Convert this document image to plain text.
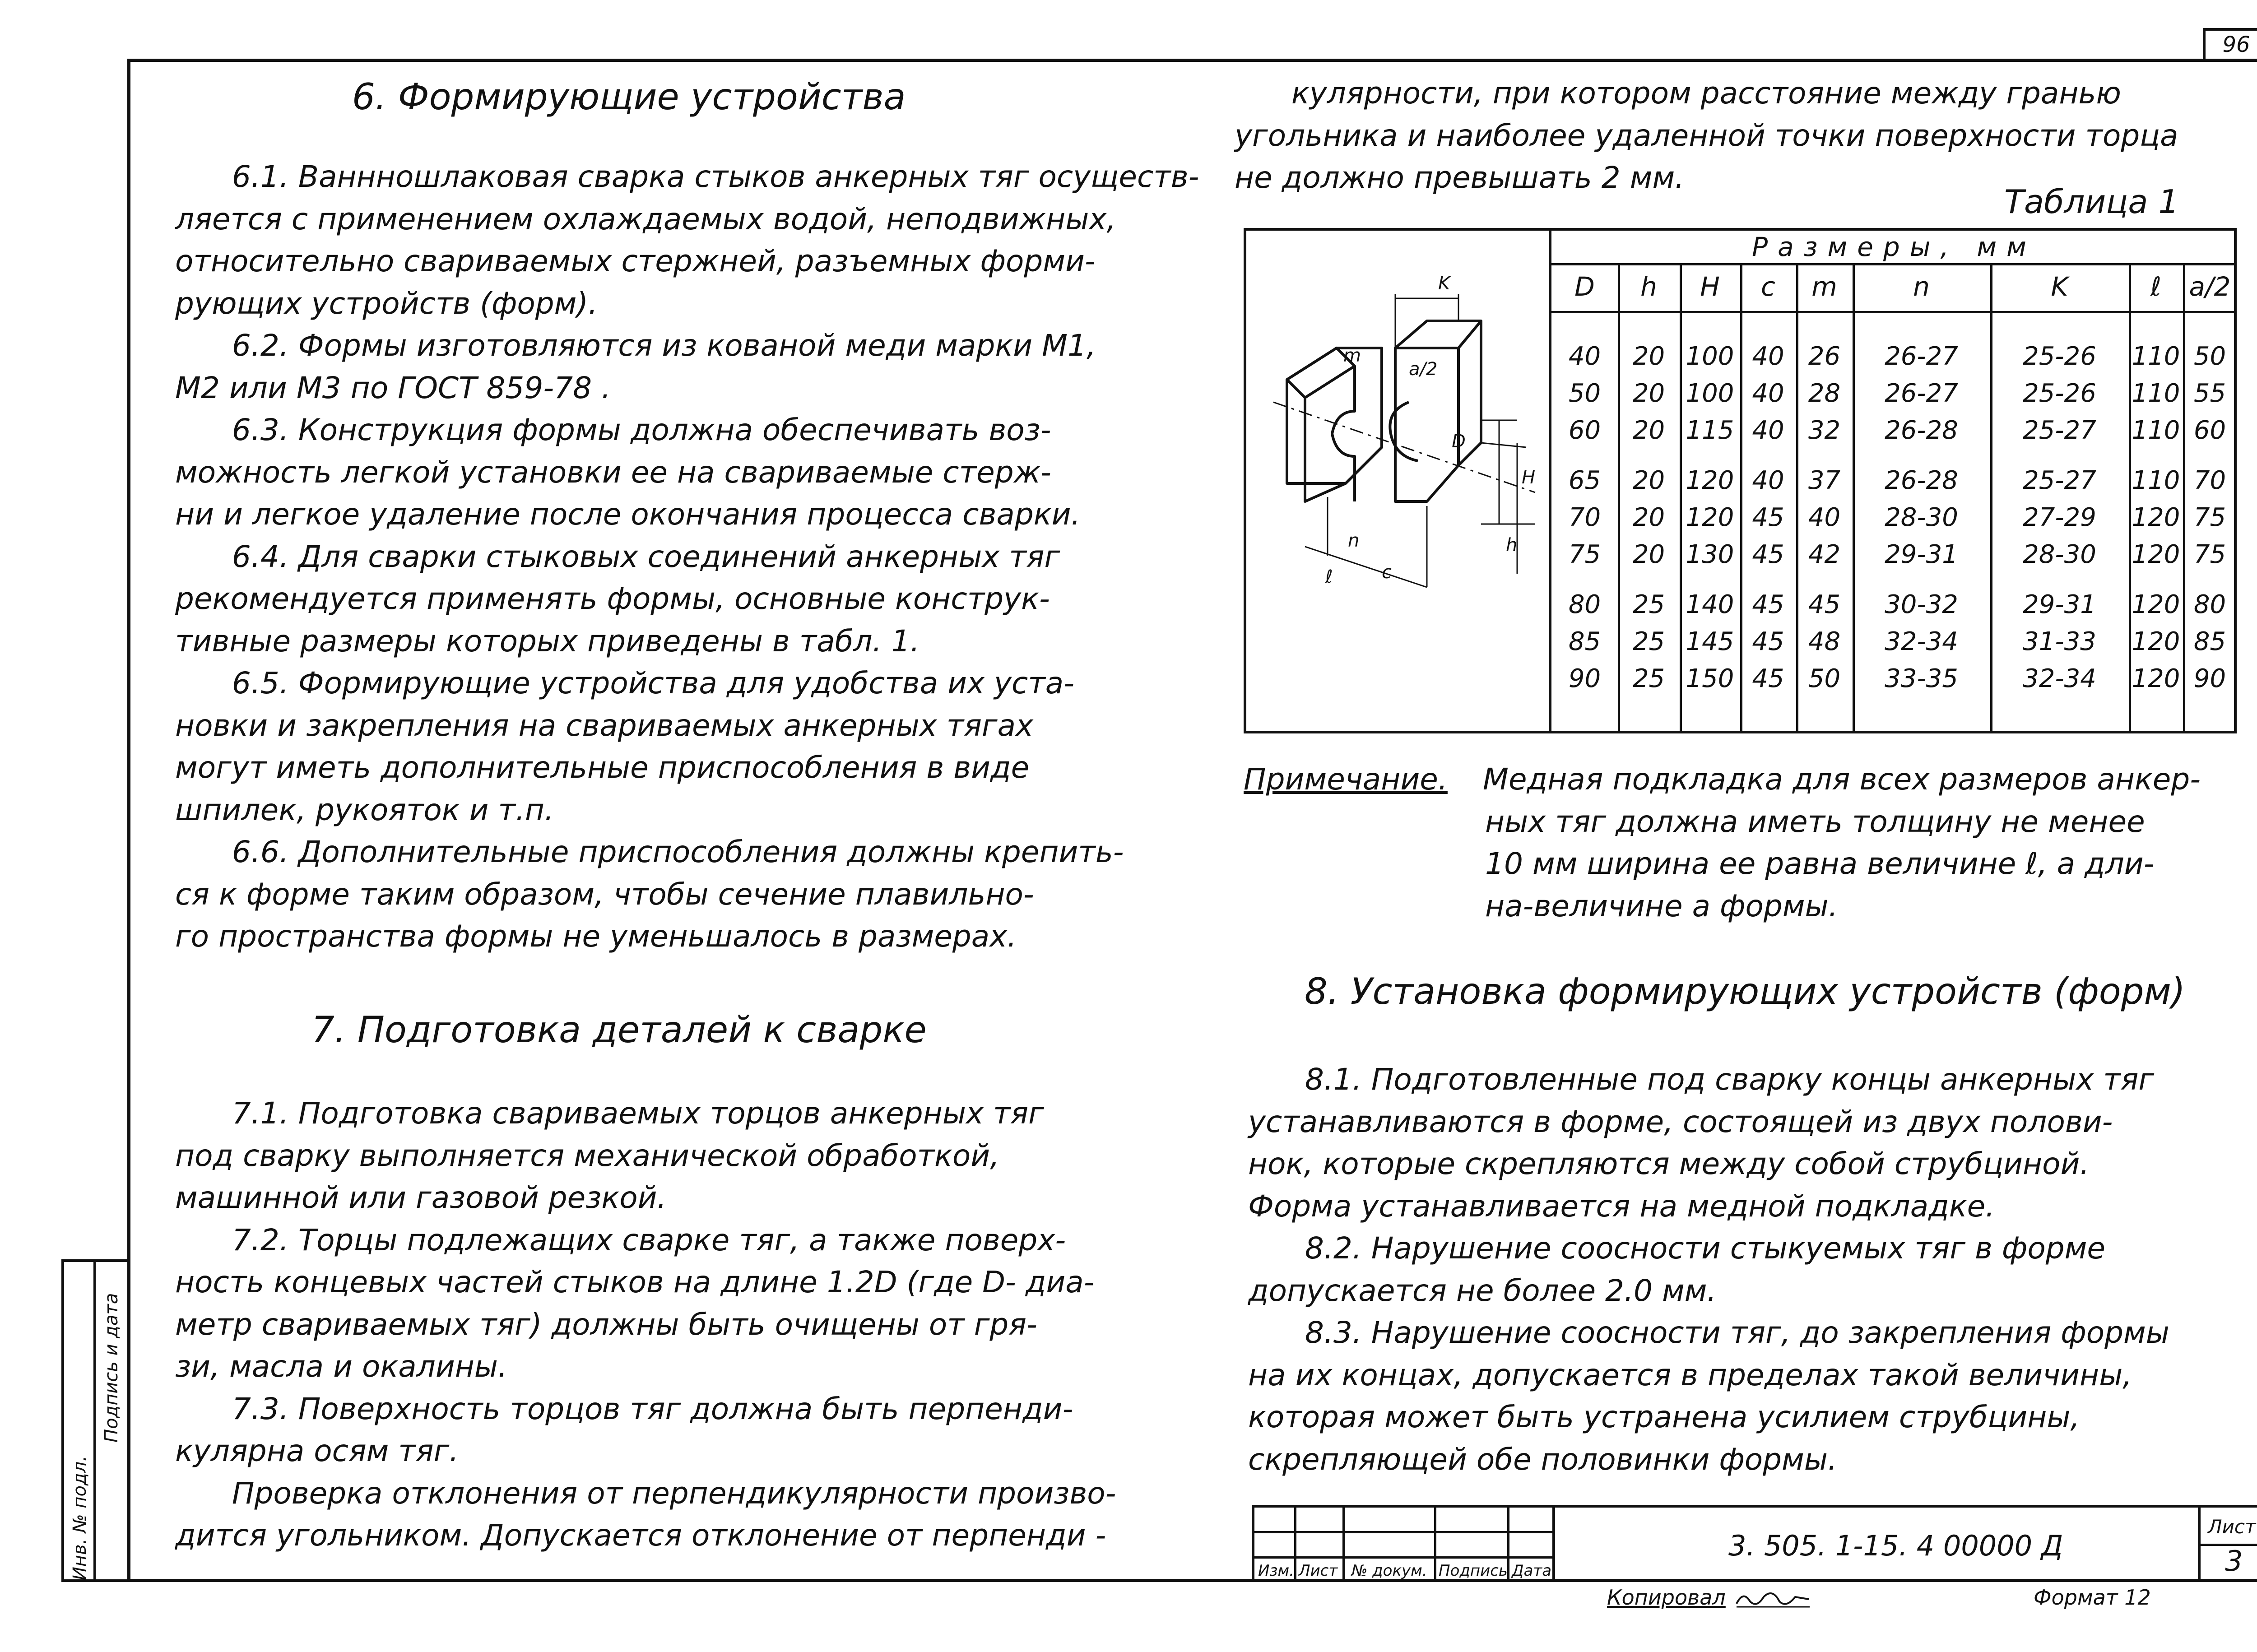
96
Инв. № подл.
Подпись и дата
6. Формирующие устройства
6.1. Ваннношлаковая сварка стыков анкерных тяг осуществ-
ляется с применением охлаждаемых водой, неподвижных,
относительно свариваемых стержней, разъемных форми-
рующих устройств (форм).
6.2. Формы изготовляются из кованой меди марки М1,
М2 или М3 по ГОСТ 859-78 .
6.3. Конструкция формы должна обеспечивать воз-
можность легкой установки ее на свариваемые стерж-
ни и легкое удаление после окончания процесса сварки.
6.4. Для сварки стыковых соединений анкерных тяг
рекомендуется применять формы, основные конструк-
тивные размеры которых приведены в табл. 1.
6.5. Формирующие устройства для удобства их уста-
новки и закрепления на свариваемых анкерных тягах
могут иметь дополнительные приспособления в виде
шпилек, рукояток и т.п.
6.6. Дополнительные приспособления должны крепить-
ся к форме таким образом, чтобы сечение плавильно-
го пространства формы не уменьшалось в размерах.
7. Подготовка деталей к сварке
7.1. Подготовка свариваемых торцов анкерных тяг
под сварку выполняется механической обработкой,
машинной или газовой резкой.
7.2. Торцы подлежащих сварке тяг, а также поверх-
ность концевых частей стыков на длине 1.2D (где D- диа-
метр свариваемых тяг) должны быть очищены от гря-
зи, масла и окалины.
7.3. Поверхность торцов тяг должна быть перпенди-
кулярна осям тяг.
Проверка отклонения от перпендикулярности произво-
дится угольником. Допускается отклонение от перпенди -
кулярности, при котором расстояние между гранью
угольника и наиболее удаленной точки поверхности торца
не должно превышать 2 мм.
Таблица 1
K
m
a/2
D
H
h
n
c
ℓ
Размеры, мм
D	h	H	c	m	n	K	ℓ	a/2
40	20 100 40 26	26-27	25-26	110 50
50	20 100 40 28	26-27	25-26	110 55
60	20 115 40 32	26-28	25-27	110 60
65	20 120 40 37	26-28	25-27	110 70
70	20 120 45 40	28-30	27-29	120 75
75	20 130 45 42	29-31	28-30	120 75
80	25 140 45 45	30-32	29-31	120 80
85	25 145 45 48	32-34	31-33	120 85
90	25 150 45 50	33-35	32-34	120 90
Примечание. Медная подкладка для всех размеров анкер-
ных тяг должна иметь толщину не менее
10 мм ширина ее равна величине ℓ, а дли-
на-величине а формы.
8. Установка формирующих устройств (форм)
8.1. Подготовленные под сварку концы анкерных тяг
устанавливаются в форме, состоящей из двух полови-
нок, которые скрепляются между собой струбциной.
Форма устанавливается на медной подкладке.
8.2. Нарушение соосности стыкуемых тяг в форме
допускается не более 2.0 мм.
8.3. Нарушение соосности тяг, до закрепления формы
на их концах, допускается в пределах такой величины,
которая может быть устранена усилием струбцины,
скрепляющей обе половинки формы.
Изм. Лист № докум. Подпись Дата
3. 505. 1-15. 4 00000 Д
Лист
3
Копировал	Формат 12
